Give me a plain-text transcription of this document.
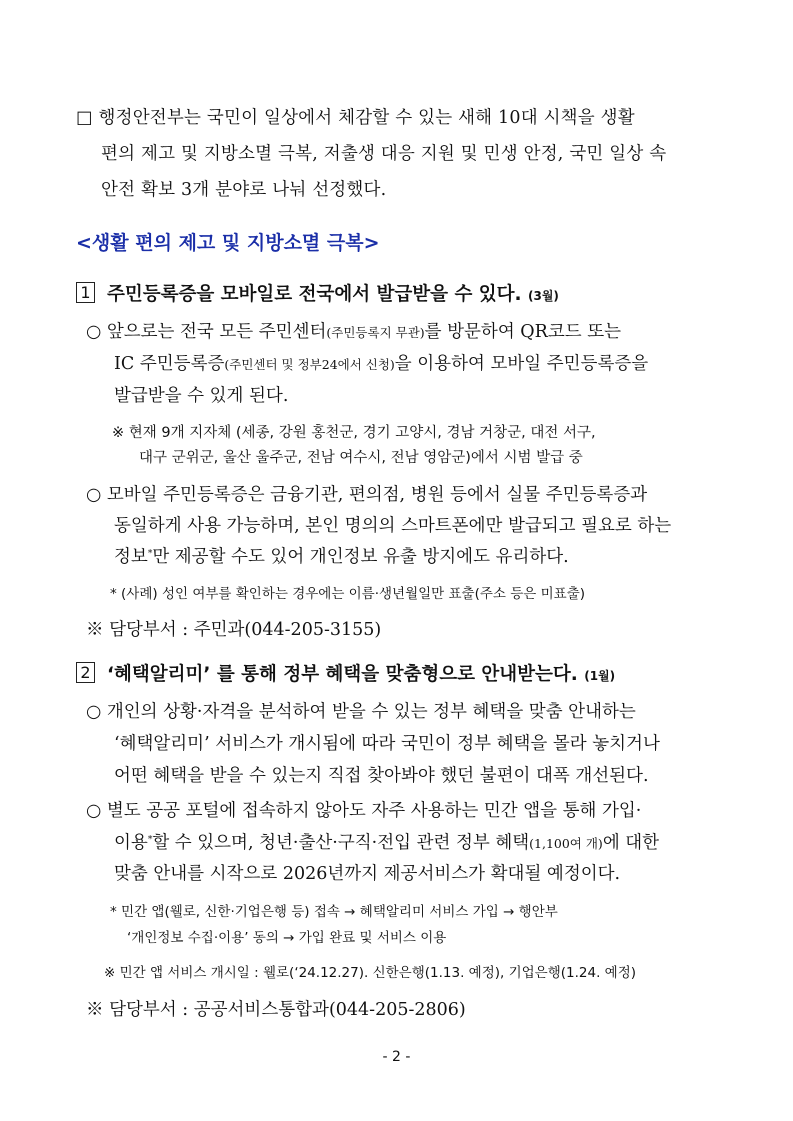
□ 행정안전부는 국민이 일상에서 체감할 수 있는 새해 10대 시책을 생활
편의 제고 및 지방소멸 극복, 저출생 대응 지원 및 민생 안정, 국민 일상 속
안전 확보 3개 분야로 나눠 선정했다.
<생활 편의 제고 및 지방소멸 극복>
1 주민등록증을 모바일로 전국에서 발급받을 수 있다. (3월)
○ 앞으로는 전국 모든 주민센터(주민등록지 무관)를 방문하여 QR코드 또는
IC 주민등록증(주민센터 및 정부24에서 신청)을 이용하여 모바일 주민등록증을
발급받을 수 있게 된다.
※ 현재 9개 지자체 (세종, 강원 홍천군, 경기 고양시, 경남 거창군, 대전 서구,
대구 군위군, 울산 울주군, 전남 여수시, 전남 영암군)에서 시범 발급 중
○ 모바일 주민등록증은 금융기관, 편의점, 병원 등에서 실물 주민등록증과
동일하게 사용 가능하며, 본인 명의의 스마트폰에만 발급되고 필요로 하는
정보*만 제공할 수도 있어 개인정보 유출 방지에도 유리하다.
* (사례) 성인 여부를 확인하는 경우에는 이름·생년월일만 표출(주소 등은 미표출)
※ 담당부서 : 주민과(044-205-3155)
2 ‘혜택알리미’ 를 통해 정부 혜택을 맞춤형으로 안내받는다. (1월)
○ 개인의 상황·자격을 분석하여 받을 수 있는 정부 혜택을 맞춤 안내하는
‘혜택알리미’ 서비스가 개시됨에 따라 국민이 정부 혜택을 몰라 놓치거나
어떤 혜택을 받을 수 있는지 직접 찾아봐야 했던 불편이 대폭 개선된다.
○ 별도 공공 포털에 접속하지 않아도 자주 사용하는 민간 앱을 통해 가입·
이용*할 수 있으며, 청년·출산·구직·전입 관련 정부 혜택(1,100여 개)에 대한
맞춤 안내를 시작으로 2026년까지 제공서비스가 확대될 예정이다.
* 민간 앱(웰로, 신한·기업은행 등) 접속 → 혜택알리미 서비스 가입 → 행안부
‘개인정보 수집·이용’ 동의 → 가입 완료 및 서비스 이용
※ 민간 앱 서비스 개시일 : 웰로(‘24.12.27). 신한은행(1.13. 예정), 기업은행(1.24. 예정)
※ 담당부서 : 공공서비스통합과(044-205-2806)
- 2 -
